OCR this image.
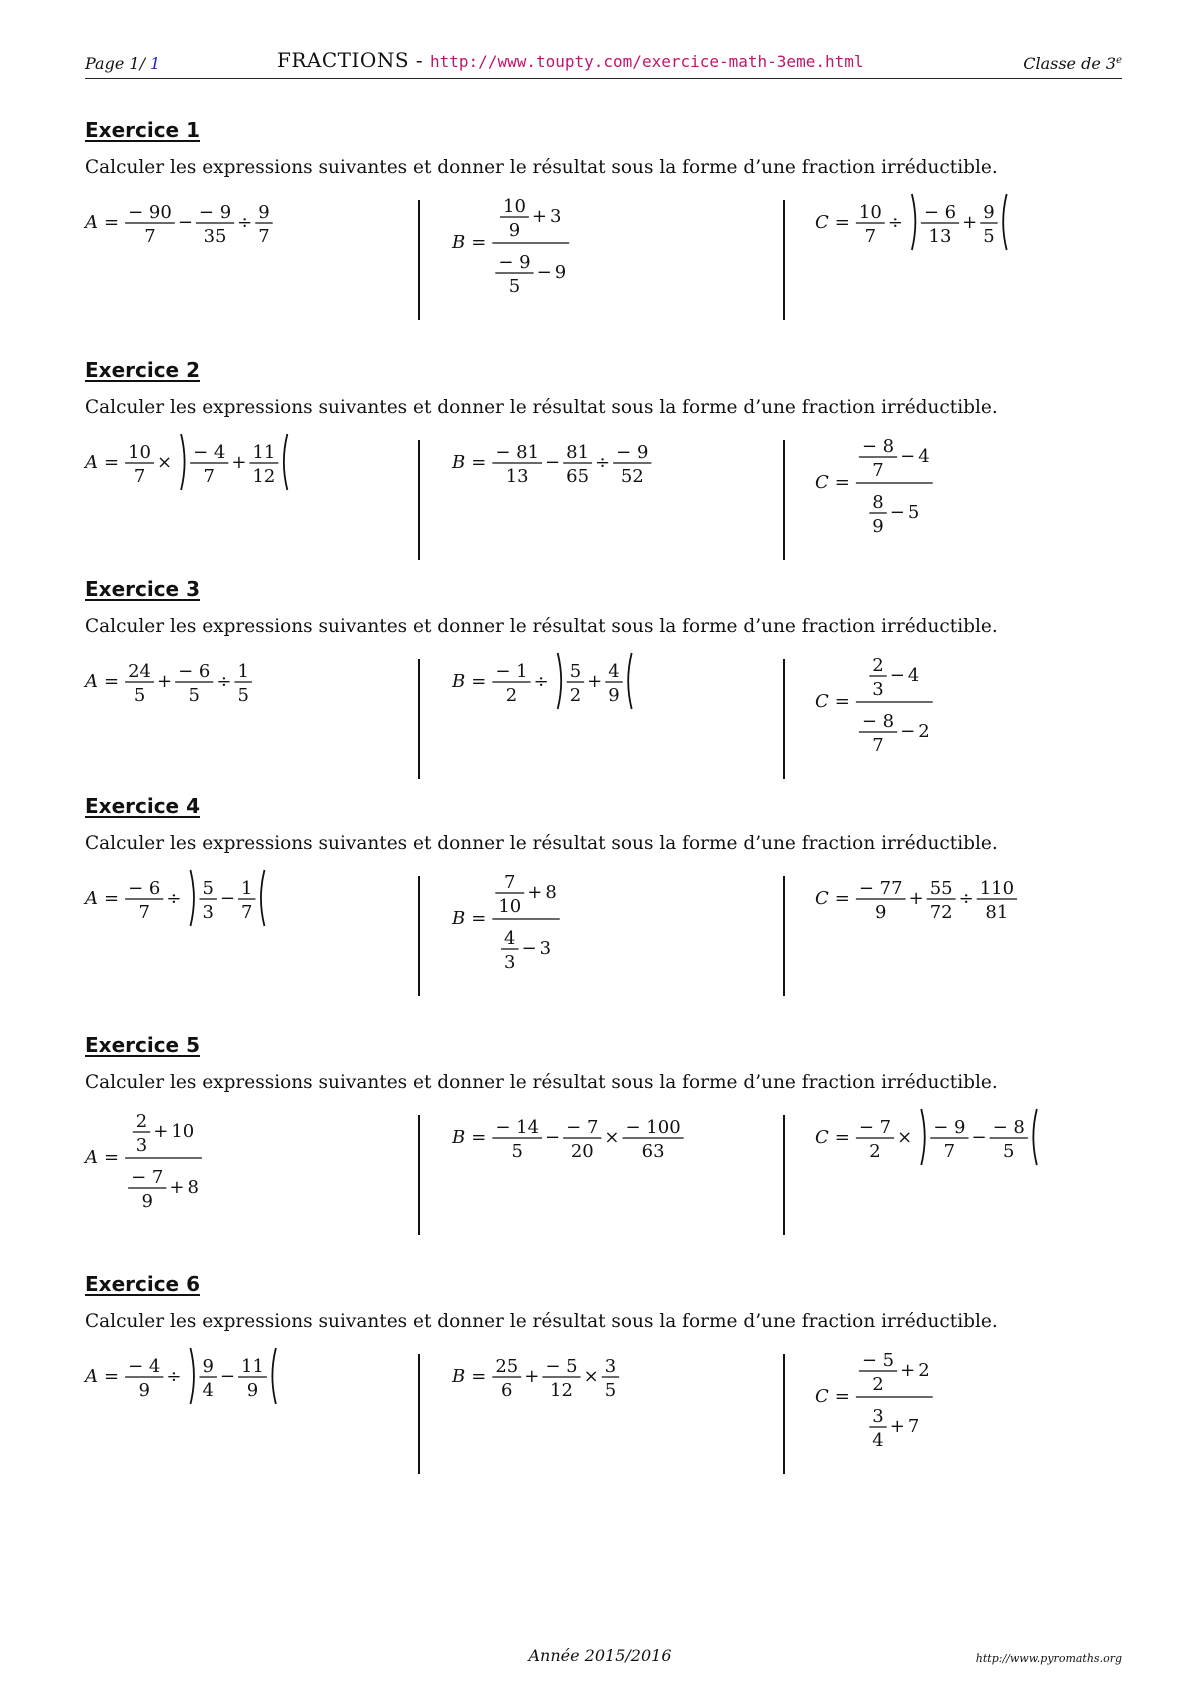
Page 1/ 1	FRACTIONS - http://www.toupty.com/exercice-math-3eme.html	Classe de 3e
Exercice 1
Calculer les expressions suivantes et donner le résultat sous la forme d’une fraction irréductible.
A = − 90
7
− − 9
35
÷ 9
7	B =
10
9
+ 3
− 9
5
− 9
C = 10
7
÷ − 6
13
+ 9
5
Exercice 2
Calculer les expressions suivantes et donner le résultat sous la forme d’une fraction irréductible.
A = 10
7
× − 4
7
+ 11
12
B = − 81
13
− 81
65
÷ − 9
52	C =
− 8
7
− 4
8
9
− 5
Exercice 3
Calculer les expressions suivantes et donner le résultat sous la forme d’une fraction irréductible.
A = 24
5
+ − 6
5
÷ 1
5
B = − 1
2
÷ 5
2
+ 4
9	C =
2
3
− 4
− 8
7
− 2
Exercice 4
Calculer les expressions suivantes et donner le résultat sous la forme d’une fraction irréductible.
A = − 6
7
÷ 5
3
− 1
7	B =
7
10
+ 8
4
3
− 3
C = − 77
9
+ 55
72
÷ 110
81
Exercice 5
Calculer les expressions suivantes et donner le résultat sous la forme d’une fraction irréductible.
A =
2
3
+ 10
− 7
9
+ 8
B = − 14
5
− − 7
20
× − 100
63
C = − 7
2
× − 9
7
− − 8
5
Exercice 6
Calculer les expressions suivantes et donner le résultat sous la forme d’une fraction irréductible.
A = − 4
9
÷ 9
4
− 11
9
B = 25
6
+ − 5
12
× 3
5	C =
− 5
2
+ 2
3
4
+ 7
Année 2015/2016	http://www.pyromaths.org
